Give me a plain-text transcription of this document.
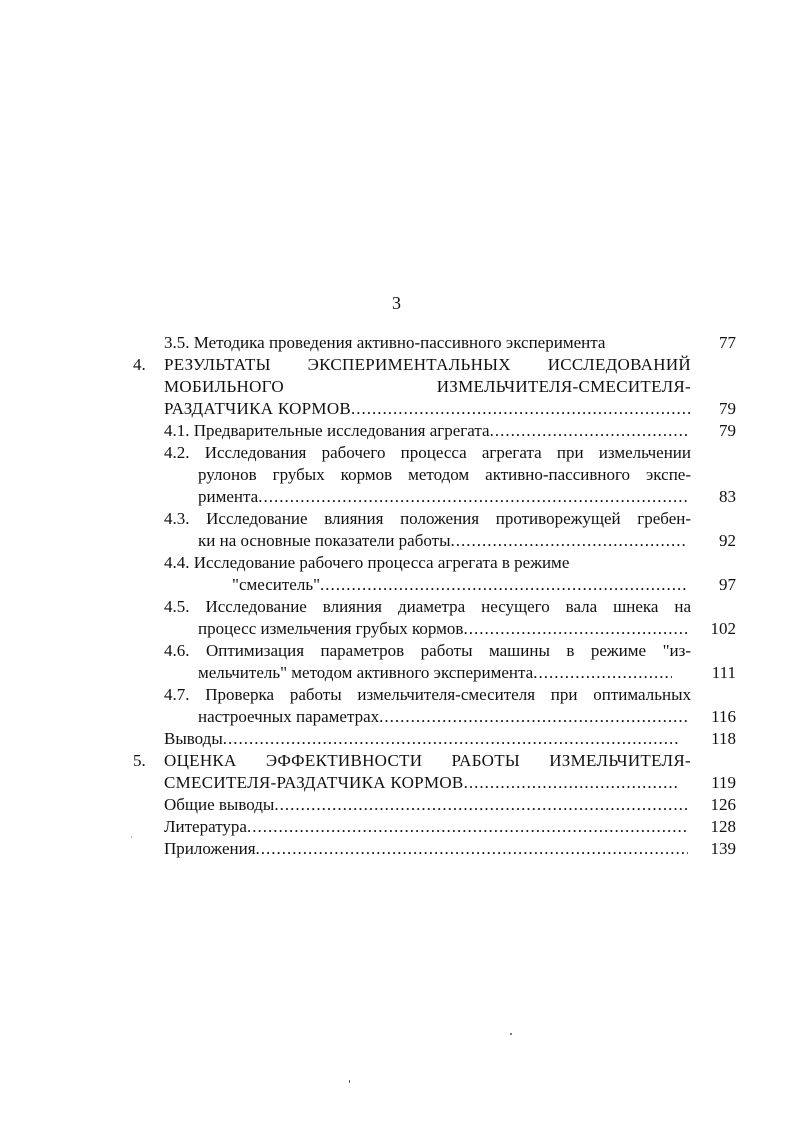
3
3.5. Методика проведения активно-пассивного эксперимента	77
4. РЕЗУЛЬТАТЫ ЭКСПЕРИМЕНТАЛЬНЫХ ИССЛЕДОВАНИЙ
МОБИЛЬНОГО ИЗМЕЛЬЧИТЕЛЯ-СМЕСИТЕЛЯ-
РАЗДАТЧИКА КОРМОВ .....	79
4.1. Предварительные исследования агрегата .....	79
4.2. Исследования рабочего процесса агрегата при измельчении
рулонов грубых кормов методом активно-пассивного экспе-
римента .....	83
4.3. Исследование влияния положения противорежущей гребен-
ки на основные показатели работы .....	92
4.4. Исследование рабочего процесса агрегата в режиме
"смеситель" .....	97
4.5. Исследование влияния диаметра несущего вала шнека на
процесс измельчения грубых кормов .....	102
4.6. Оптимизация параметров работы машины в режиме "из-
мельчитель" методом активного эксперимента .....	111
4.7. Проверка работы измельчителя-смесителя при оптимальных
настроечных параметрах .....	116
Выводы .....	118
5. ОЦЕНКА ЭФФЕКТИВНОСТИ РАБОТЫ ИЗМЕЛЬЧИТЕЛЯ-
СМЕСИТЕЛЯ-РАЗДАТЧИКА КОРМОВ .....	119
Общие выводы .....	126
Литература .....	128
Приложения .....	139
